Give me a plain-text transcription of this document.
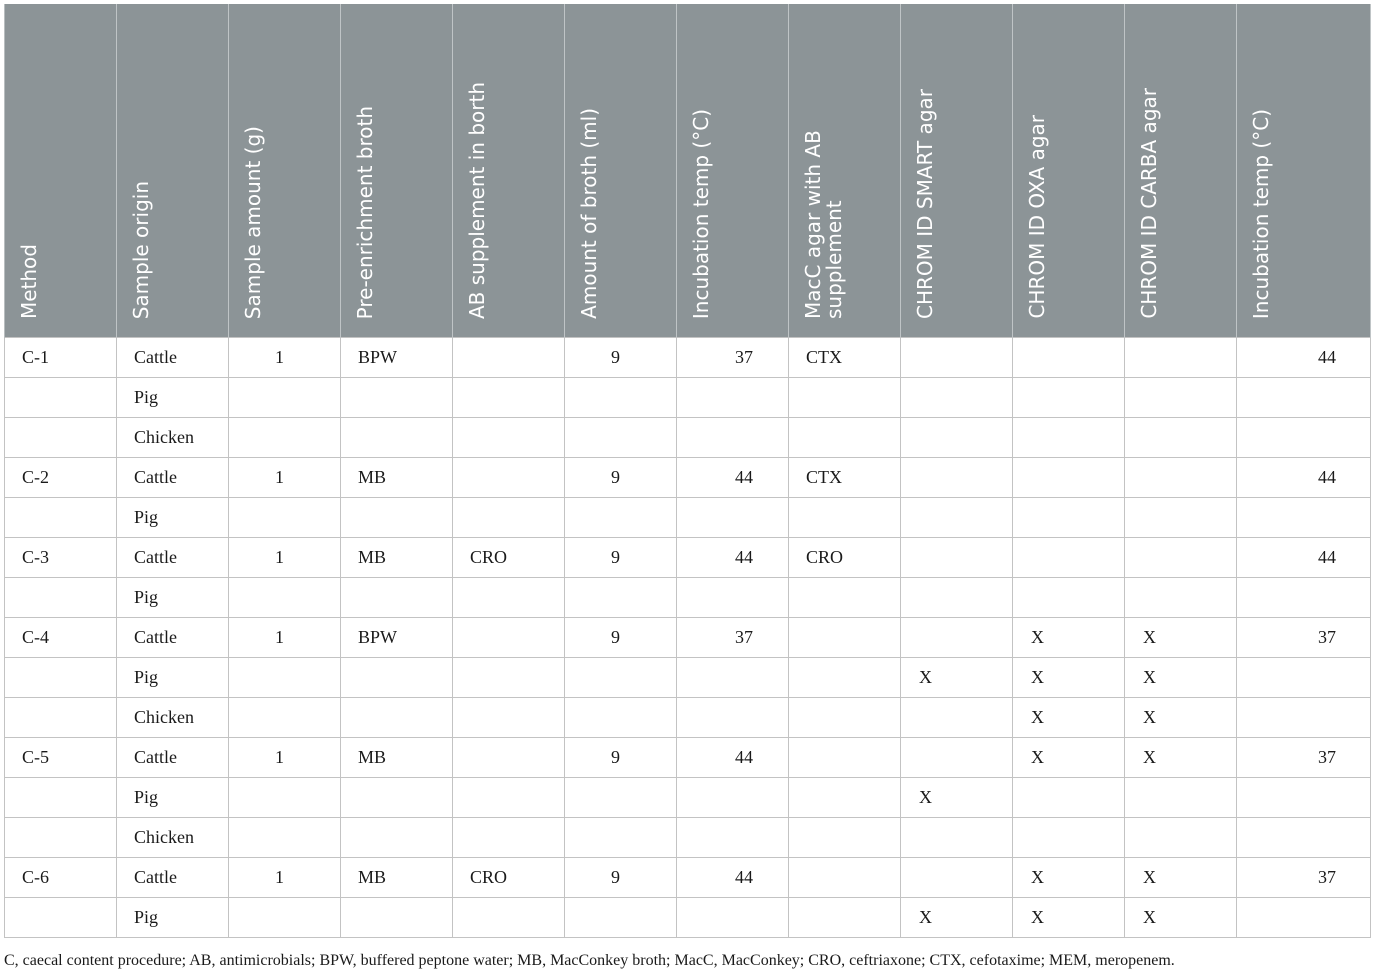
Method	Sample origin	Sample amount (g)	Pre-enrichment broth	AB supplement in borth	Amount of broth (ml)	Incubation temp (°C)	MacC agar with AB supplement	CHROM ID SMART agar	CHROM ID OXA agar	CHROM ID CARBA agar	Incubation temp (°C)

C-1	Cattle	1	BPW		9	37	CTX				44
	Pig										
	Chicken										
C-2	Cattle	1	MB		9	44	CTX				44
	Pig										
C-3	Cattle	1	MB	CRO	9	44	CRO				44
	Pig										
C-4	Cattle	1	BPW		9	37			X	X	37
	Pig							X	X	X	
	Chicken								X	X	
C-5	Cattle	1	MB		9	44			X	X	37
	Pig							X			
	Chicken										
C-6	Cattle	1	MB	CRO	9	44			X	X	37
	Pig							X	X	X	
C, caecal content procedure; AB, antimicrobials; BPW, buffered peptone water; MB, MacConkey broth; MacC, MacConkey; CRO, ceftriaxone; CTX, cefotaxime; MEM, meropenem.
